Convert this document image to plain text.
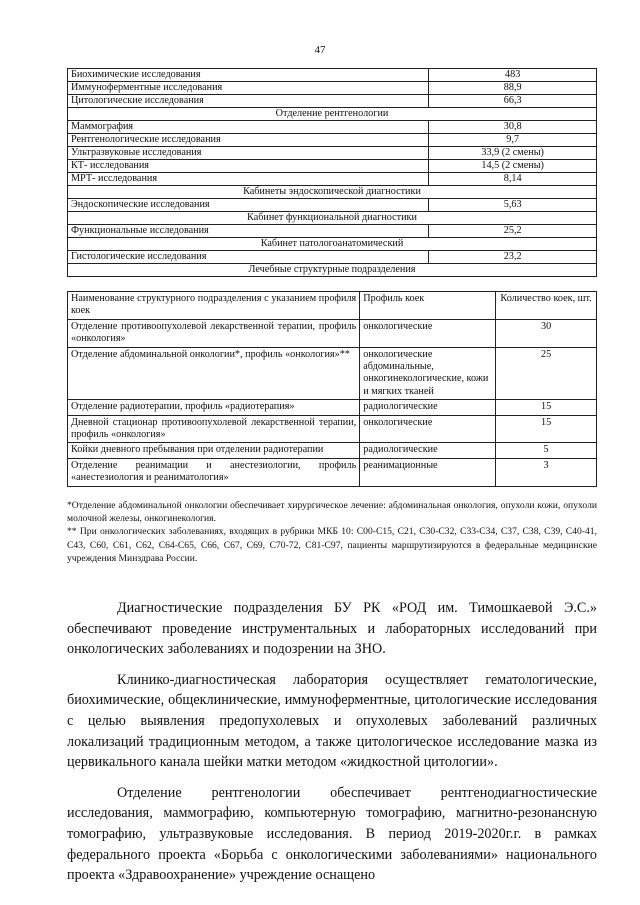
47
Биохимические исследования	483
Иммуноферментные исследования	88,9
Цитологические исследования	66,3
Отделение рентгенологии	
Маммография	30,8
Рентгенологические исследования	9,7
Ультразвуковые исследования	33,9 (2 смены)
КТ- исследования	14,5 (2 смены)
МРТ- исследования	8,14
Кабинеты эндоскопической диагностики	
Эндоскопические исследования	5,63
Кабинет функциональной диагностики	
Функциональные исследования	25,2
Кабинет патологоанатомический	
Гистологические исследования	23,2
Лечебные структурные подразделения	
Наименование структурного подразделения с указанием профиля коек	Профиль коек	Количество коек, шт.
Отделение противоопухолевой лекарственной терапии, профиль «онкология»	онкологические	30
Отделение абдоминальной онкологии*, профиль «онкология»**	онкологические абдоминальные, онкогинекологические, кожи и мягких тканей	25
Отделение радиотерапии, профиль «радиотерапия»	радиологические	15
Дневной стационар противоопухолевой лекарственной терапии, профиль «онкология»	онкологические	15
Койки дневного пребывания при отделении радиотерапии	радиологические	5
Отделение реанимации и анестезиологии, профиль «анестезиология и реаниматология»	реанимационные	3

*Отделение абдоминальной онкологии обеспечивает хирургическое лечение: абдоминальная онкология, опухоли кожи, опухоли молочной железы, онкогинекология.

** При онкологических заболеваниях, входящих в рубрики МКБ 10: С00-С15, С21, С30-С32, С33-С34, С37, С38, С39, С40-41, С43, С60, С61, С62, С64-С65, С66, С67, С69, С70-72, С81-С97, пациенты маршрутизируются в федеральные медицинские учреждения Минздрава России.

Диагностические подразделения БУ РК «РОД им. Тимошкаевой Э.С.» обеспечивают проведение инструментальных и лабораторных исследований при онкологических заболеваниях и подозрении на ЗНО.

Клинико-диагностическая лаборатория осуществляет гематологические, биохимические, общеклинические, иммуноферментные, цитологические исследования с целью выявления предопухолевых и опухолевых заболеваний различных локализаций традиционным методом, а также цитологическое исследование мазка из цервикального канала шейки матки методом «жидкостной цитологии».

Отделение рентгенологии обеспечивает рентгенодиагностические исследования, маммографию, компьютерную томографию, магнитно-резонансную томографию, ультразвуковые исследования. В период 2019-2020г.г. в рамках федерального проекта «Борьба с онкологическими заболеваниями» национального проекта «Здравоохранение» учреждение оснащено
